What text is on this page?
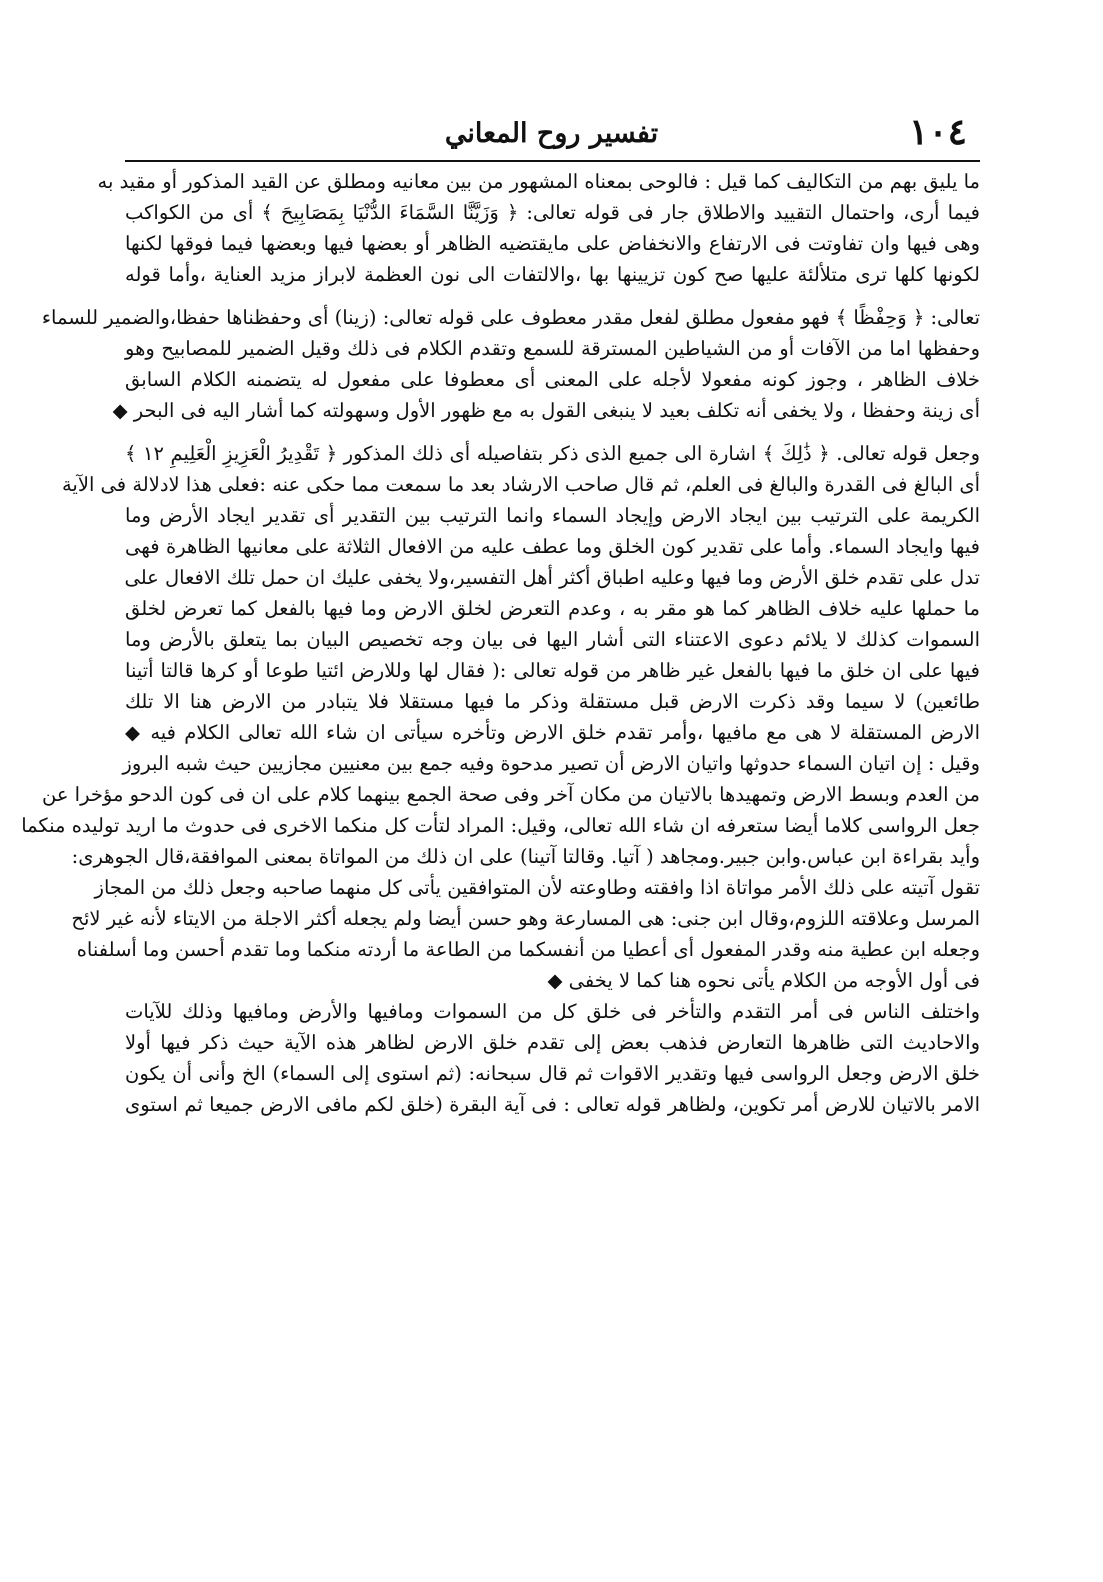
١٠٤
تفسير روح المعاني
ما يليق بهم من التكاليف كما قيل : فالوحى بمعناه المشهور من بين معانيه ومطلق عن القيد المذكور أو مقيد به
فيما أرى، واحتمال التقييد والاطلاق جار فى قوله تعالى: ﴿ وَزَيَّنَّا السَّمَاءَ الدُّنْيَا بِمَصَابِيحَ ﴾ أى من الكواكب
وهى فيها وان تفاوتت فى الارتفاع والانخفاض على مايقتضيه الظاهر أو بعضها فيها وبعضها فيما فوقها لكنها
لكونها كلها ترى متلألئة عليها صح كون تزيينها بها ،والالتفات الى نون العظمة لابراز مزيد العناية ،وأما قوله
تعالى: ﴿ وَحِفْظًا ﴾ فهو مفعول مطلق لفعل مقدر معطوف على قوله تعالى: (زينا) أى وحفظناها حفظا،والضمير للسماء
وحفظها اما من الآفات أو من الشياطين المسترقة للسمع وتقدم الكلام فى ذلك وقيل الضمير للمصابيح وهو
خلاف الظاهر ، وجوز كونه مفعولا لأجله على المعنى أى معطوفا على مفعول له يتضمنه الكلام السابق
أى زينة وحفظا ، ولا يخفى أنه تكلف بعيد لا ينبغى القول به مع ظهور الأول وسهولته كما أشار اليه فى البحر ◆
وجعل قوله تعالى. ﴿ ذَٰلِكَ ﴾ اشارة الى جميع الذى ذكر بتفاصيله أى ذلك المذكور ﴿ تَقْدِيرُ الْعَزِيزِ الْعَلِيمِ ١٢ ﴾
أى البالغ فى القدرة والبالغ فى العلم، ثم قال صاحب الارشاد بعد ما سمعت مما حكى عنه :فعلى هذا لادلالة فى الآية
الكريمة على الترتيب بين ايجاد الارض وإيجاد السماء وانما الترتيب بين التقدير أى تقدير ايجاد الأرض وما
فيها وايجاد السماء. وأما على تقدير كون الخلق وما عطف عليه من الافعال الثلاثة على معانيها الظاهرة فهى
تدل على تقدم خلق الأرض وما فيها وعليه اطباق أكثر أهل التفسير،ولا يخفى عليك ان حمل تلك الافعال على
ما حملها عليه خلاف الظاهر كما هو مقر به ، وعدم التعرض لخلق الارض وما فيها بالفعل كما تعرض لخلق
السموات كذلك لا يلائم دعوى الاعتناء التى أشار اليها فى بيان وجه تخصيص البيان بما يتعلق بالأرض وما
فيها على ان خلق ما فيها بالفعل غير ظاهر من قوله تعالى :( فقال لها وللارض ائتيا طوعا أو كرها قالتا أتينا
طائعين) لا سيما وقد ذكرت الارض قبل مستقلة وذكر ما فيها مستقلا فلا يتبادر من الارض هنا الا تلك
الارض المستقلة لا هى مع مافيها ،وأمر تقدم خلق الارض وتأخره سيأتى ان شاء الله تعالى الكلام فيه ◆
وقيل : إن اتيان السماء حدوثها واتيان الارض أن تصير مدحوة وفيه جمع بين معنيين مجازيين حيث شبه البروز
من العدم وبسط الارض وتمهيدها بالاتيان من مكان آخر وفى صحة الجمع بينهما كلام على ان فى كون الدحو مؤخرا عن
جعل الرواسى كلاما أيضا ستعرفه ان شاء الله تعالى، وقيل: المراد لتأت كل منكما الاخرى فى حدوث ما اريد توليده منكما
وأيد بقراءة ابن عباس.وابن جبير.ومجاهد ( آتيا. وقالتا آتينا) على ان ذلك من المواتاة بمعنى الموافقة،قال الجوهرى:
تقول آتيته على ذلك الأمر مواتاة اذا وافقته وطاوعته لأن المتوافقين يأتى كل منهما صاحبه وجعل ذلك من المجاز
المرسل وعلاقته اللزوم،وقال ابن جنى: هى المسارعة وهو حسن أيضا ولم يجعله أكثر الاجلة من الايتاء لأنه غير لائح
وجعله ابن عطية منه وقدر المفعول أى أعطيا من أنفسكما من الطاعة ما أردته منكما وما تقدم أحسن وما أسلفناه
فى أول الأوجه من الكلام يأتى نحوه هنا كما لا يخفى ◆
واختلف الناس فى أمر التقدم والتأخر فى خلق كل من السموات ومافيها والأرض ومافيها وذلك للآيات
والاحاديث التى ظاهرها التعارض فذهب بعض إلى تقدم خلق الارض لظاهر هذه الآية حيث ذكر فيها أولا
خلق الارض وجعل الرواسى فيها وتقدير الاقوات ثم قال سبحانه: (ثم استوى إلى السماء) الخ وأنى أن يكون
الامر بالاتيان للارض أمر تكوين، ولظاهر قوله تعالى : فى آية البقرة (خلق لكم مافى الارض جميعا ثم استوى
